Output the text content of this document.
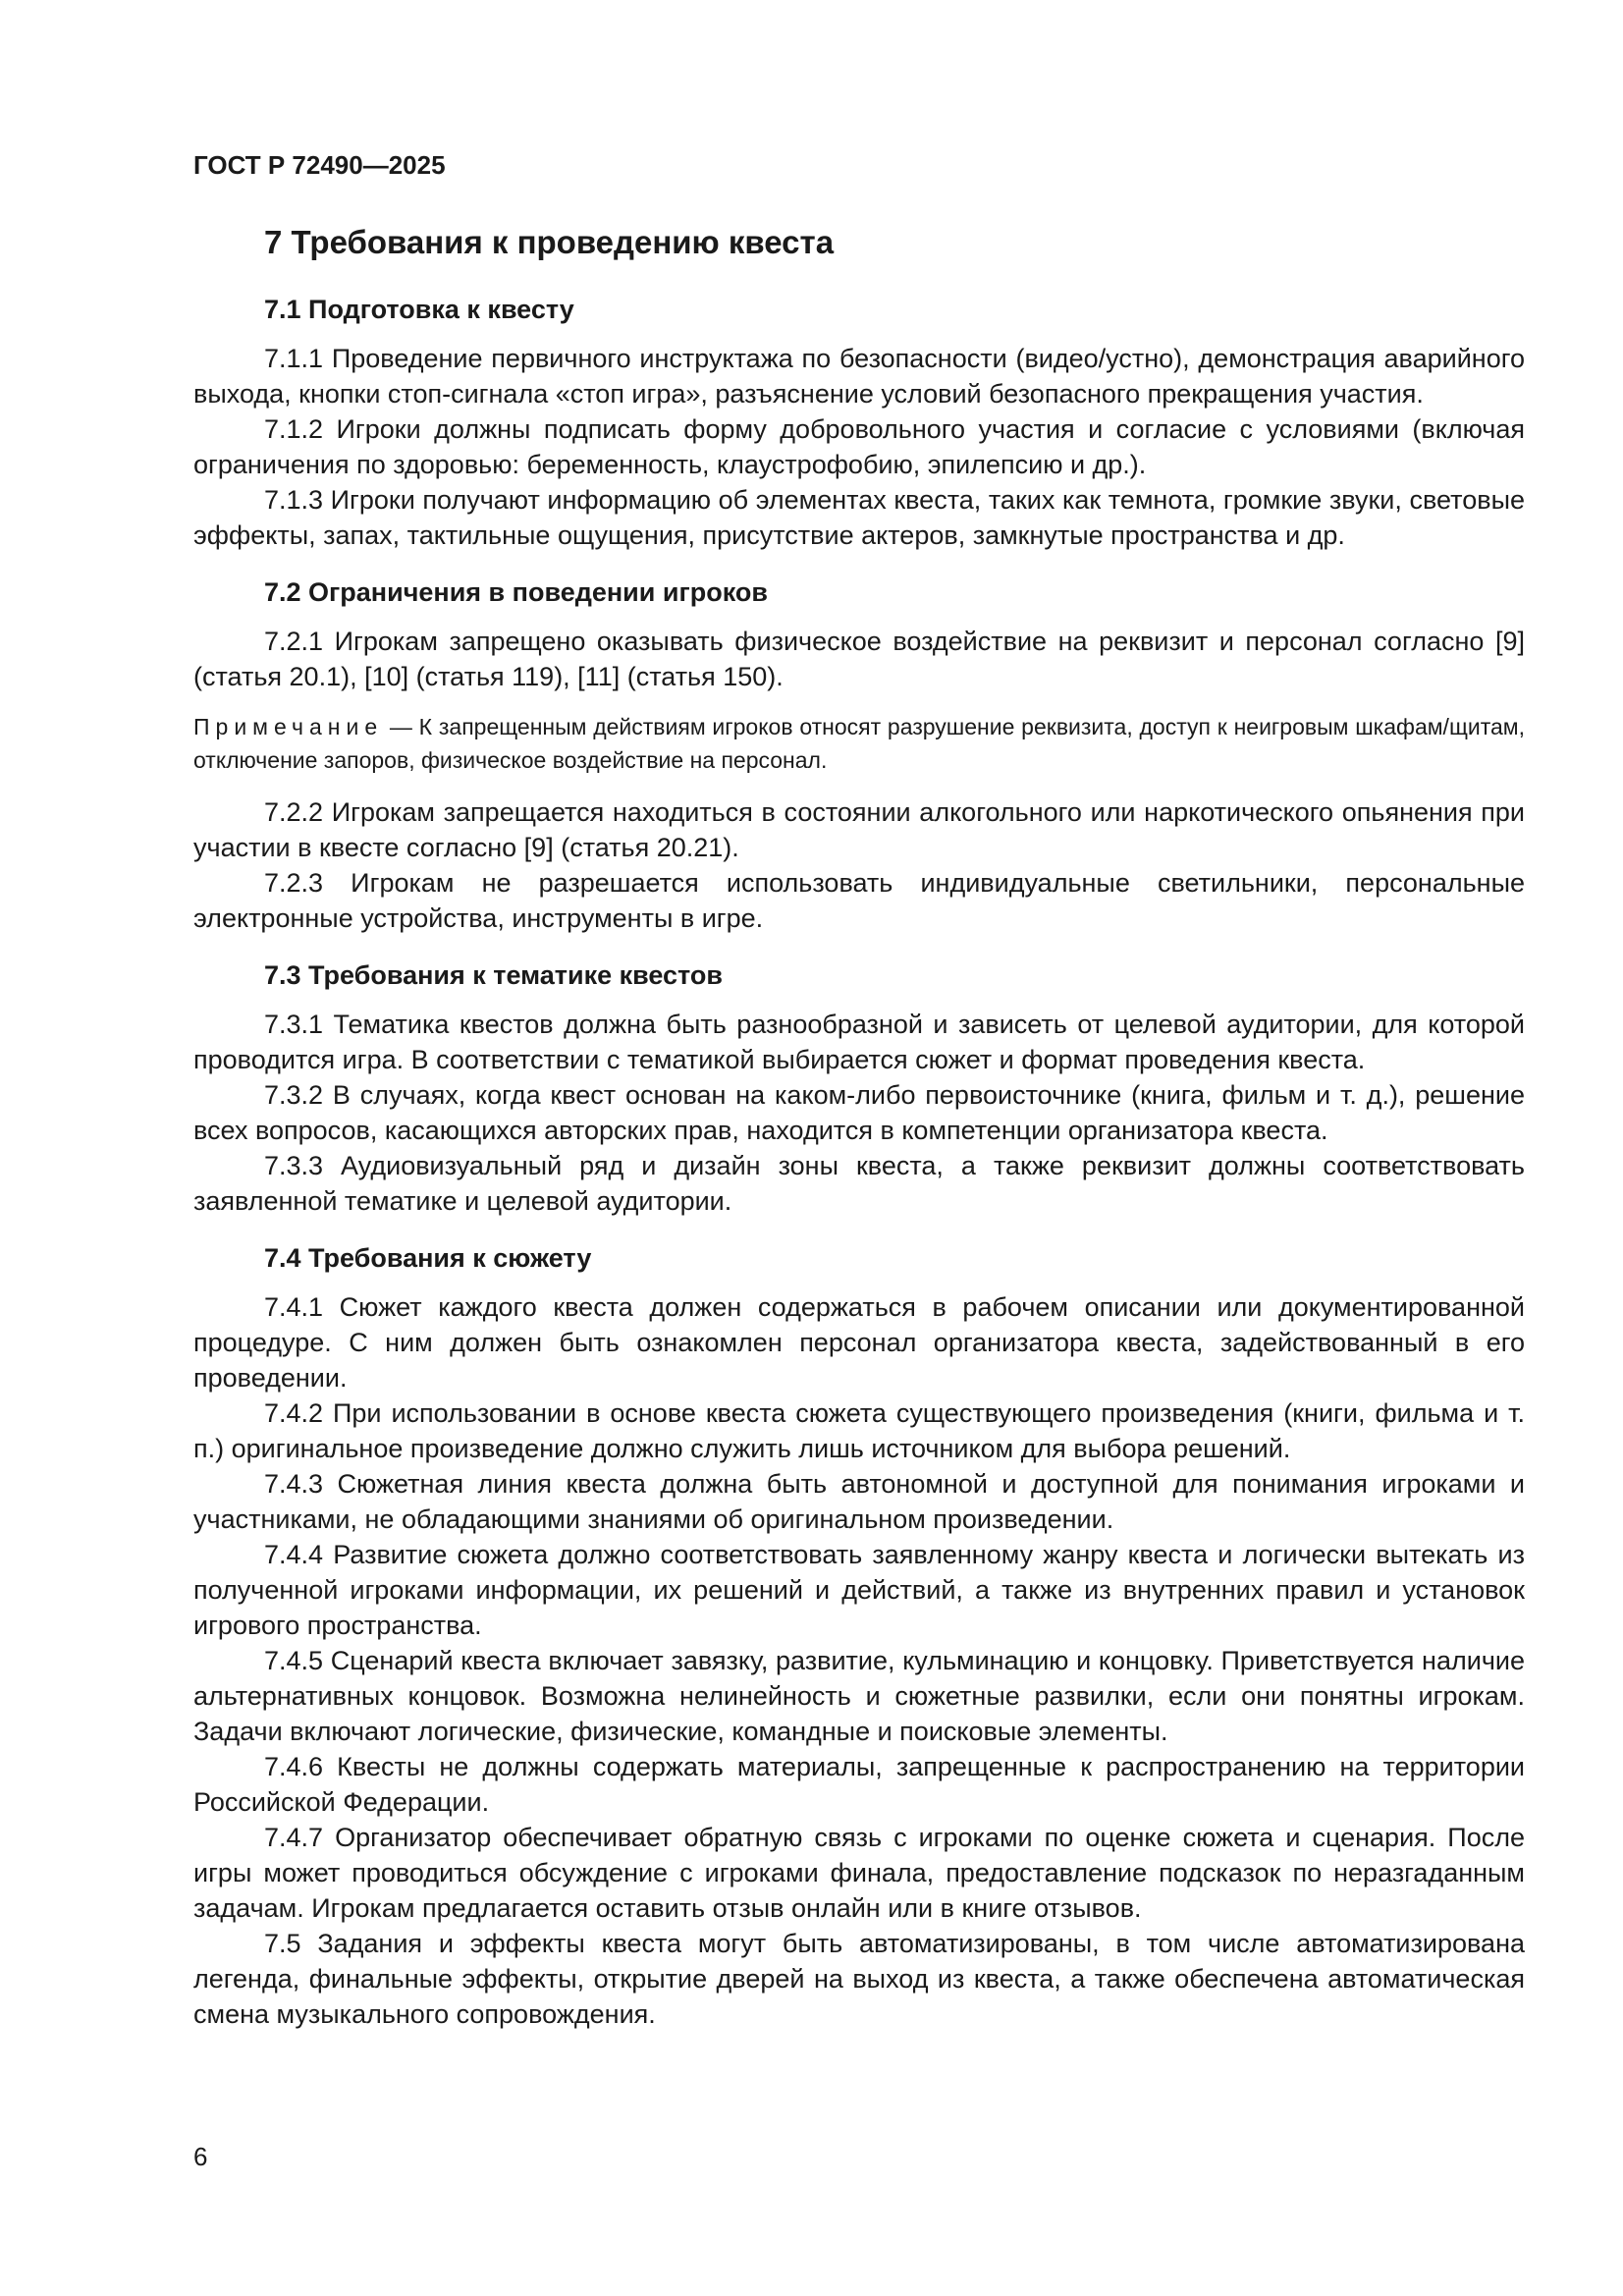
ГОСТ Р 72490—2025
7 Требования к проведению квеста
7.1 Подготовка к квесту

7.1.1 Проведение первичного инструктажа по безопасности (видео/устно), демонстрация аварийного выхода, кнопки стоп-сигнала «стоп игра», разъяснение условий безопасного прекращения участия.

7.1.2 Игроки должны подписать форму добровольного участия и согласие с условиями (включая ограничения по здоровью: беременность, клаустрофобию, эпилепсию и др.).

7.1.3 Игроки получают информацию об элементах квеста, таких как темнота, громкие звуки, световые эффекты, запах, тактильные ощущения, присутствие актеров, замкнутые пространства и др.

7.2 Ограничения в поведении игроков

7.2.1 Игрокам запрещено оказывать физическое воздействие на реквизит и персонал согласно [9] (статья 20.1), [10] (статья 119), [11] (статья 150).

Примечание — К запрещенным действиям игроков относят разрушение реквизита, доступ к неигровым шкафам/щитам, отключение запоров, физическое воздействие на персонал.

7.2.2 Игрокам запрещается находиться в состоянии алкогольного или наркотического опьянения при участии в квесте согласно [9] (статья 20.21).

7.2.3 Игрокам не разрешается использовать индивидуальные светильники, персональные электронные устройства, инструменты в игре.

7.3 Требования к тематике квестов

7.3.1 Тематика квестов должна быть разнообразной и зависеть от целевой аудитории, для которой проводится игра. В соответствии с тематикой выбирается сюжет и формат проведения квеста.

7.3.2 В случаях, когда квест основан на каком-либо первоисточнике (книга, фильм и т. д.), решение всех вопросов, касающихся авторских прав, находится в компетенции организатора квеста.

7.3.3 Аудиовизуальный ряд и дизайн зоны квеста, а также реквизит должны соответствовать заявленной тематике и целевой аудитории.

7.4 Требования к сюжету

7.4.1 Сюжет каждого квеста должен содержаться в рабочем описании или документированной процедуре. С ним должен быть ознакомлен персонал организатора квеста, задействованный в его проведении.

7.4.2 При использовании в основе квеста сюжета существующего произведения (книги, фильма и т. п.) оригинальное произведение должно служить лишь источником для выбора решений.

7.4.3 Сюжетная линия квеста должна быть автономной и доступной для понимания игроками и участниками, не обладающими знаниями об оригинальном произведении.

7.4.4 Развитие сюжета должно соответствовать заявленному жанру квеста и логически вытекать из полученной игроками информации, их решений и действий, а также из внутренних правил и установок игрового пространства.

7.4.5 Сценарий квеста включает завязку, развитие, кульминацию и концовку. Приветствуется наличие альтернативных концовок. Возможна нелинейность и сюжетные развилки, если они понятны игрокам. Задачи включают логические, физические, командные и поисковые элементы.

7.4.6 Квесты не должны содержать материалы, запрещенные к распространению на территории Российской Федерации.

7.4.7 Организатор обеспечивает обратную связь с игроками по оценке сюжета и сценария. После игры может проводиться обсуждение с игроками финала, предоставление подсказок по неразгаданным задачам. Игрокам предлагается оставить отзыв онлайн или в книге отзывов.

7.5 Задания и эффекты квеста могут быть автоматизированы, в том числе автоматизирована легенда, финальные эффекты, открытие дверей на выход из квеста, а также обеспечена автоматическая смена музыкального сопровождения.

6
